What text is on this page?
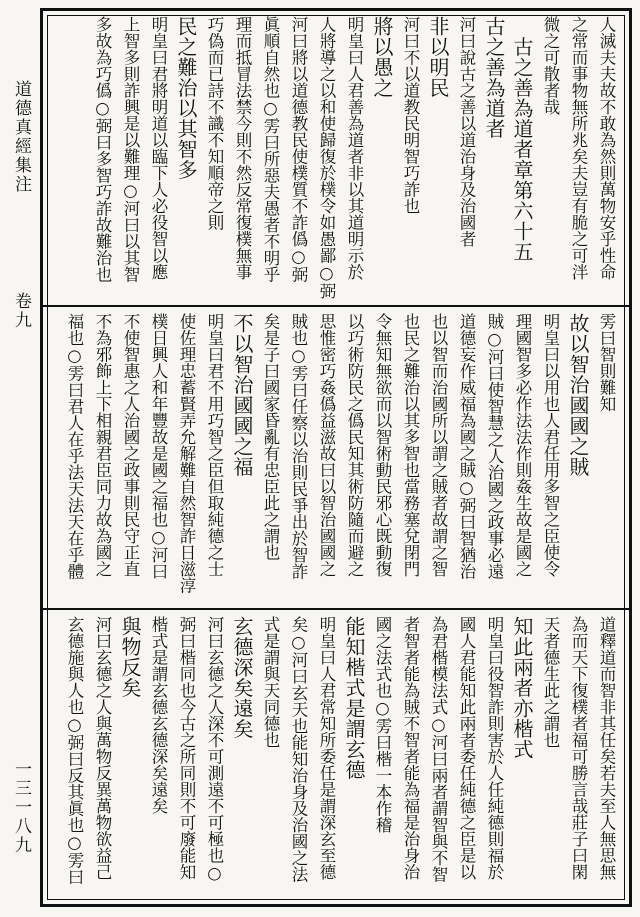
道德真經集注
卷九
一三一八九
人滅夫夫故不敢為然則萬物安乎性命
之常而事物無所兆矣夫豈有脆之可泮
微之可散者哉
　古之善為道者章第六十五
古之善為道者
河曰說古之善以道治身及治國者
非以明民
河曰不以道教民明智巧詐也
將以愚之
明皇曰人君善為道者非以其道明示於
人將導之以和使歸復於樸令如愚鄙○弼
河曰將以道德教民使樸質不詐僞○弼
眞順自然也○雱曰所惡夫愚者不明乎
理而抵冒法禁今則不然反常復樸無事
巧偽而已詩不識不知順帝之則
民之難治以其智多
明皇曰君將明道以臨下人必役智以應
上智多則詐興是以難理○河曰以其智
多故為巧僞○弼曰多智巧詐故難治也
雱曰智則難知
故以智治國國之賊
明皇曰以用也人君任用多智之臣使令
理國智多必作法法作則姦生故是國之
賊○河曰使智慧之人治國之政事必遠
道德妄作威福為國之賊○弼曰智猶治
也以智而治國所以謂之賊者故謂之智
也民之難治以其多智也當務塞兌閉門
令無知無欲而以智術動民邪心既動復
以巧術防民之僞民知其術防隨而避之
思惟密巧姦僞益滋故曰以智治國國之
賊也○雱曰任察以治則民爭出於智詐
矣是子曰國家昏亂有忠臣此之謂也
不以智治國國之福
明皇曰君不用巧智之臣但取純德之士
使佐理忠蓄賢弄允解難自然智詐日滋淳
樸日興人和年豐故是國之福也○河曰
不使智惠之人治國之政事則民守正直
不為邪飾上下相親君臣同力故為國之
福也○雱曰君人在乎法天法天在乎體
道釋道而智非其任矣若夫至人無思無
為而天下復樸者福可勝言哉莊子曰閑
天者德生此之謂也
知此兩者亦楷式
明皇曰役智詐則害於人任純德則福於
國人君能知此兩者委任純德之臣是以
為君楷模法式○河曰兩者謂智與不智
者智者能為賊不智者能為福是治身治
國之法式也○雱曰楷一本作稽
能知楷式是謂玄德
明皇曰人君常知所委任是謂深玄至德
矣○河曰玄天也能知治身及治國之法
式是謂與天同德也
玄德深矣遠矣
河曰玄德之人深不可測遠不可極也○
弼曰楷同也今古之所同則不可廢能知
楷式是謂玄德玄德深矣遠矣
與物反矣
河曰玄德之人與萬物反異萬物欲益己
玄德施與人也○弼曰反其眞也○雱曰
